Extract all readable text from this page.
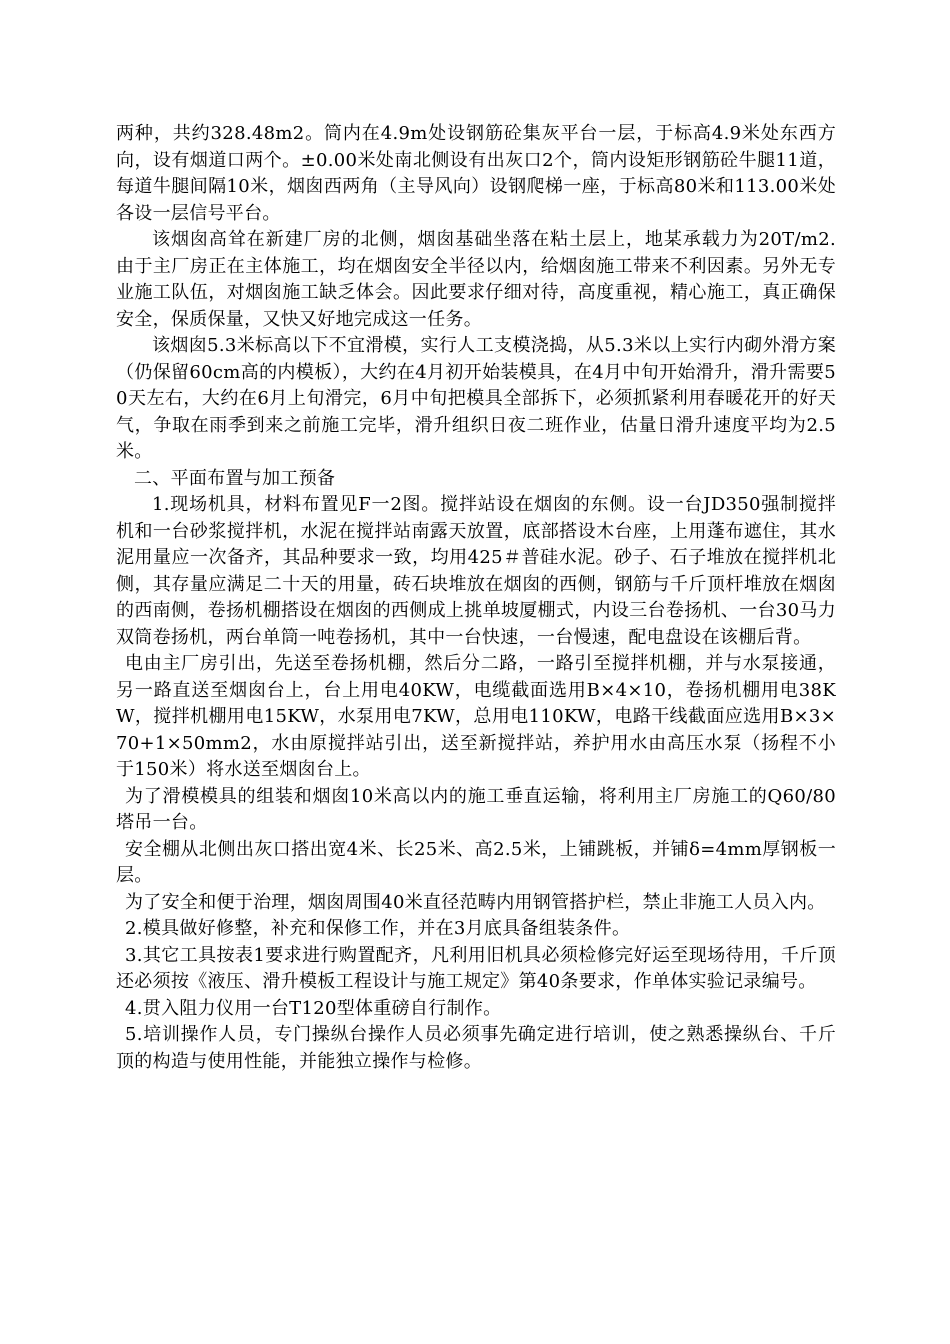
两种，共约328.48m2。筒内在4.9m处设钢筋砼集灰平台一层，于标高4.9米处东西方向，设有烟道口两个。±0.00米处南北侧设有出灰口2个，筒内设矩形钢筋砼牛腿11道，每道牛腿间隔10米，烟囱西两角（主导风向）设钢爬梯一座，于标高80米和113.00米处各设一层信号平台。

该烟囱高耸在新建厂房的北侧，烟囱基础坐落在粘土层上，地某承载力为20T/m2. 由于主厂房正在主体施工，均在烟囱安全半径以内，给烟囱施工带来不利因素。另外无专业施工队伍，对烟囱施工缺乏体会。因此要求仔细对待，高度重视，精心施工，真正确保安全，保质保量，又快又好地完成这一任务。

该烟囱5.3米标高以下不宜滑模，实行人工支模浇捣，从5.3米以上实行内砌外滑方案（仍保留60cm高的内模板），大约在4月初开始装模具，在4月中旬开始滑升，滑升需要50天左右，大约在6月上旬滑完，6月中旬把模具全部拆下，必须抓紧利用春暖花开的好天气，争取在雨季到来之前施工完毕，滑升组织日夜二班作业，估量日滑升速度平均为2.5米。

二、平面布置与加工预备

1.现场机具，材料布置见F一2图。搅拌站设在烟囱的东侧。设一台JD350强制搅拌机和一台砂浆搅拌机，水泥在搅拌站南露天放置，底部搭设木台座，上用蓬布遮住，其水泥用量应一次备齐，其品种要求一致，均用425＃普硅水泥。砂子、石子堆放在搅拌机北侧，其存量应满足二十天的用量，砖石块堆放在烟囱的西侧，钢筋与千斤顶杆堆放在烟囱的西南侧，卷扬机棚搭设在烟囱的西侧成上挑单坡厦棚式，内设三台卷扬机、一台30马力双筒卷扬机，两台单筒一吨卷扬机，其中一台快速，一台慢速，配电盘设在该棚后背。

电由主厂房引出，先送至卷扬机棚，然后分二路，一路引至搅拌机棚，并与水泵接通，另一路直送至烟囱台上，台上用电40KW，电缆截面选用B×4×10，卷扬机棚用电38KW，搅拌机棚用电15KW，水泵用电7KW，总用电110KW，电路干线截面应选用B×3×70+1×50mm2，水由原搅拌站引出，送至新搅拌站，养护用水由高压水泵（扬程不小于150米）将水送至烟囱台上。

为了滑模模具的组装和烟囱10米高以内的施工垂直运输，将利用主厂房施工的Q60/80塔吊一台。

安全棚从北侧出灰口搭出宽4米、长25米、高2.5米，上铺跳板，并铺δ=4mm厚钢板一层。

为了安全和便于治理，烟囱周围40米直径范畴内用钢管搭护栏，禁止非施工人员入内。

2.模具做好修整，补充和保修工作，并在3月底具备组装条件。

3.其它工具按表1要求进行购置配齐，凡利用旧机具必须检修完好运至现场待用，千斤顶还必须按《液压、滑升模板工程设计与施工规定》第40条要求，作单体实验记录编号。

4.贯入阻力仪用一台T120型体重磅自行制作。

5.培训操作人员，专门操纵台操作人员必须事先确定进行培训，使之熟悉操纵台、千斤顶的构造与使用性能，并能独立操作与检修。
